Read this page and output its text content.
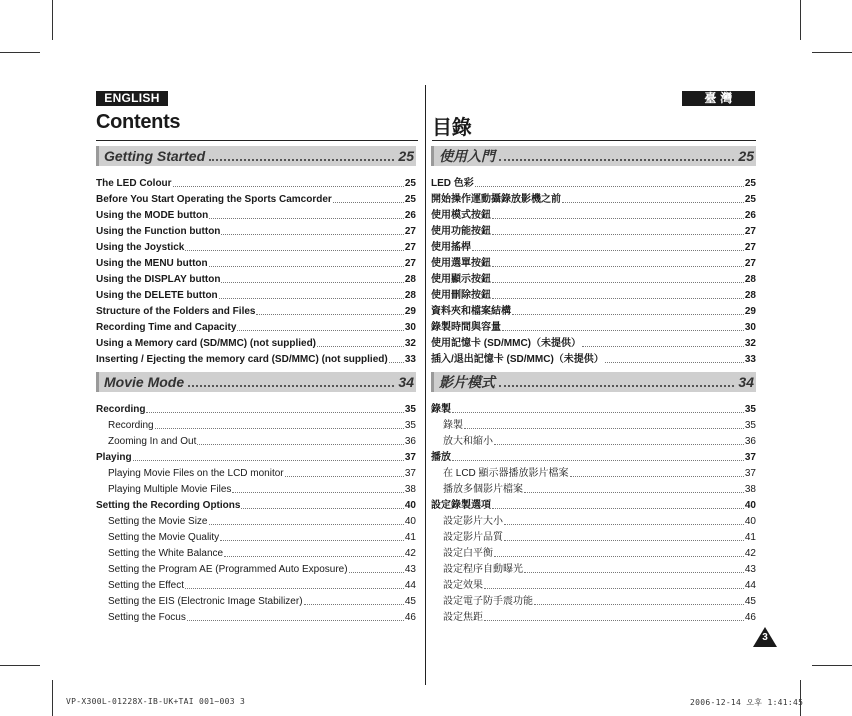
ENGLISH	臺 灣
Contents	目錄
Getting Started	25
The LED Colour	25
Before You Start Operating the Sports Camcorder	25
Using the MODE button	26
Using the Function button	27
Using the Joystick	27
Using the MENU button	27
Using the DISPLAY button	28
Using the DELETE button	28
Structure of the Folders and Files	29
Recording Time and Capacity	30
Using a Memory card (SD/MMC) (not supplied)	32
Inserting / Ejecting the memory card (SD/MMC) (not supplied) 33
Movie Mode	34
Recording	35
Recording	35
Zooming In and Out	36
Playing	37
Playing Movie Files on the LCD monitor	37
Playing Multiple Movie Files	38
Setting the Recording Options	40
Setting the Movie Size	40
Setting the Movie Quality	41
Setting the White Balance	42
Setting the Program AE (Programmed Auto Exposure)	43
Setting the Effect	44
Setting the EIS (Electronic Image Stabilizer)	45
Setting the Focus	46
使用入門	25
LED 色彩	25
開始操作運動攝錄放影機之前	25
使用模式按鈕	26
使用功能按鈕	27
使用搖桿	27
使用選單按鈕	27
使用顯示按鈕	28
使用刪除按鈕	28
資料夾和檔案結構	29
錄製時間與容量	30
使用記憶卡 (SD/MMC)（未提供）	32
插入/退出記憶卡 (SD/MMC)（未提供）	33
影片模式	34
錄製	35
錄製	35
放大和縮小	36
播放	37
在 LCD 顯示器播放影片檔案	37
播放多個影片檔案	38
設定錄製選項	40
設定影片大小	40
設定影片品質	41
設定白平衡	42
設定程序自動曝光	43
設定效果	44
設定電子防手震功能	45
設定焦距	46
3
VP-X300L-01228X-IB-UK+TAI 001~003 3	2006-12-14 오후 1:41:45
